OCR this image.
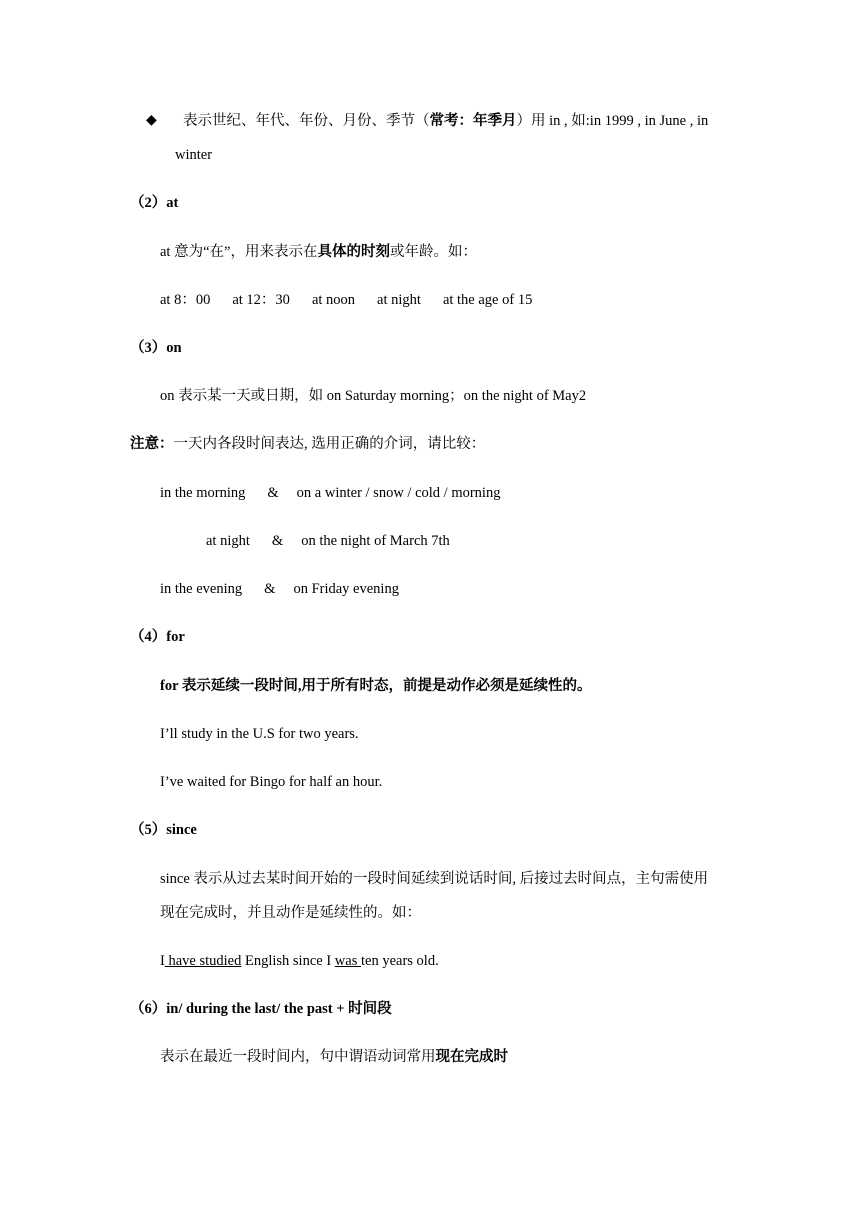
◆ 表示世纪、年代、年份、月份、季节（常考：年季月）用 in , 如:in 1999 , in June , in
winter
（2）at
at 意为“在”，用来表示在具体的时刻或年龄。如：
at 8：00 at 12：30 at noon at night at the age of 15
（3）on
on 表示某一天或日期，如 on Saturday morning；on the night of May2
注意：一天内各段时间表达, 选用正确的介词，请比较：
in the morning & on a winter / snow / cold / morning
at night & on the night of March 7th
in the evening & on Friday evening
（4）for
for 表示延续一段时间,用于所有时态，前提是动作必须是延续性的。
I’ll study in the U.S for two years.
I’ve waited for Bingo for half an hour.
（5）since
since 表示从过去某时间开始的一段时间延续到说话时间, 后接过去时间点，主句需使用
现在完成时，并且动作是延续性的。如：
I have studied English since I was ten years old.
（6）in/ during the last/ the past + 时间段
表示在最近一段时间内，句中谓语动词常用现在完成时
